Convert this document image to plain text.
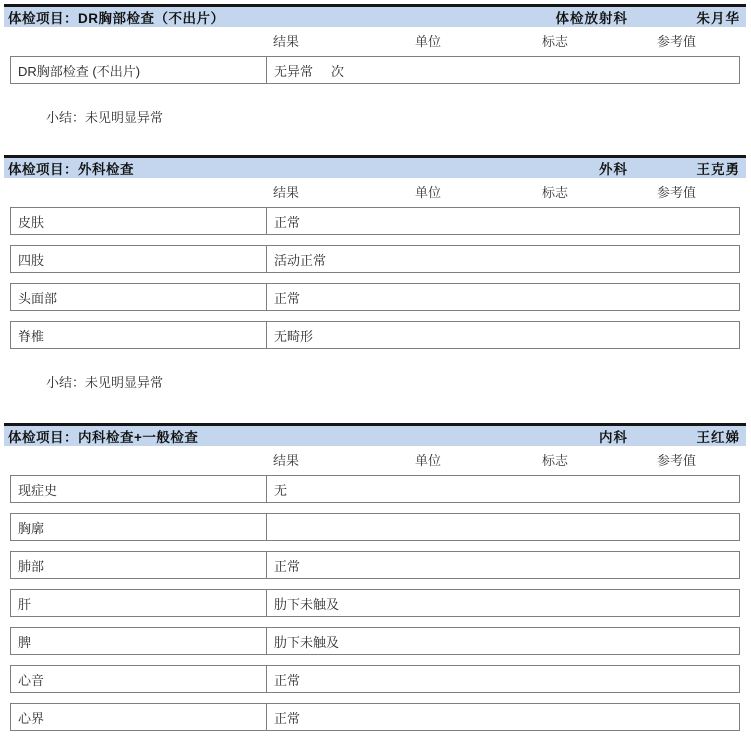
体检项目：DR胸部检查（不出片）	体检放射科	朱月华
结果	单位	标志	参考值
DR胸部检查 (不出片)	无异常 次
小结： 未见明显异常
体检项目：外科检查	外科	王克勇
结果	单位	标志	参考值
皮肤	正常
四肢	活动正常
头面部	正常
脊椎	无畸形
小结： 未见明显异常
体检项目：内科检查+一般检查	内科	王红娣
结果	单位	标志	参考值
现症史	无
胸廓
肺部	正常
肝	肋下未触及
脾	肋下未触及
心音	正常
心界	正常
